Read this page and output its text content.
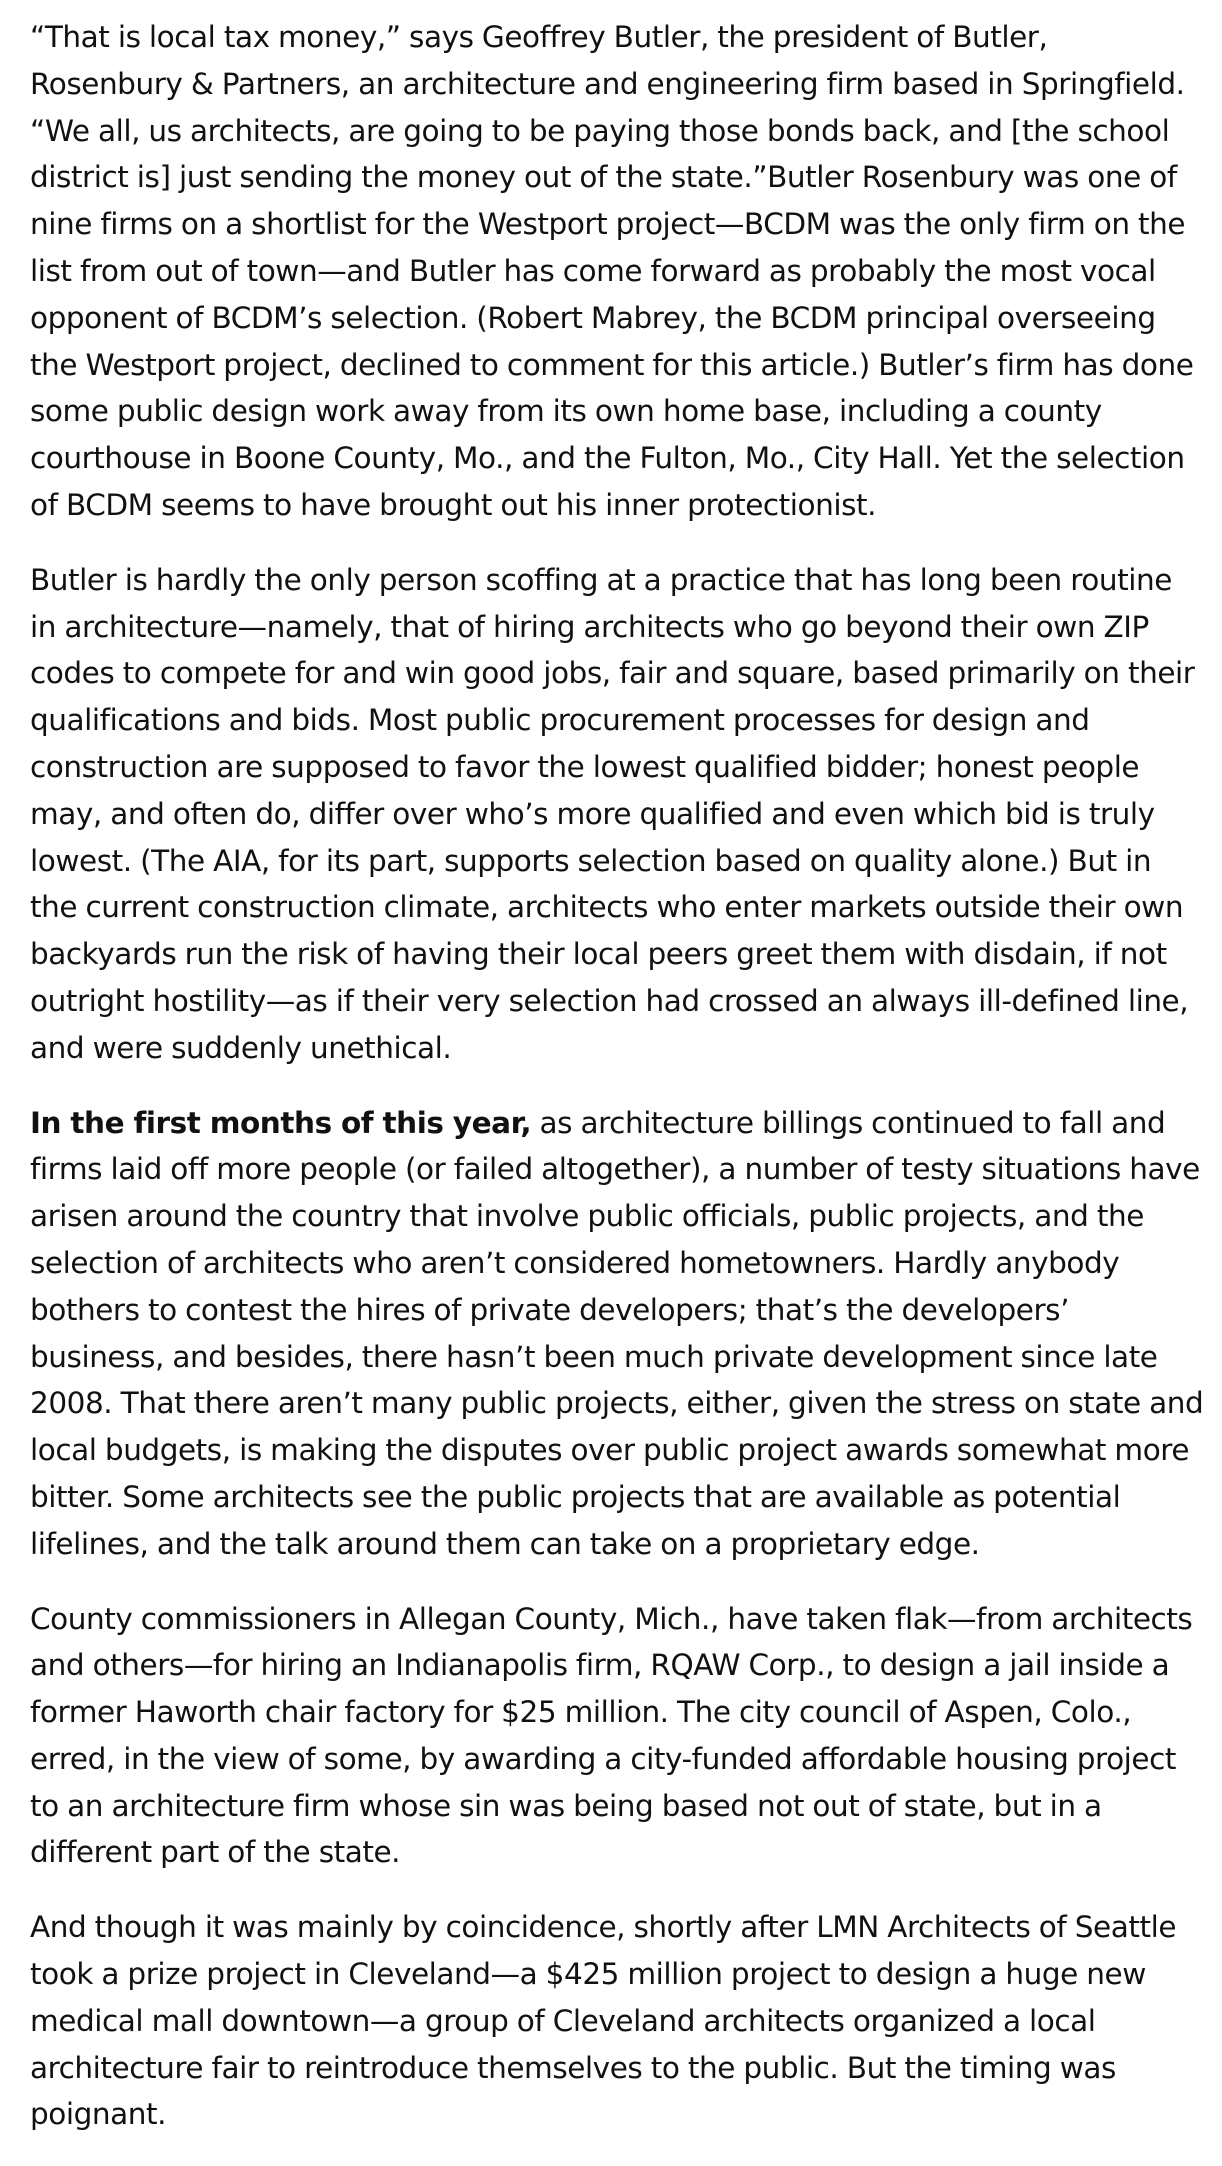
“That is local tax money,” says Geoffrey Butler, the president of Butler, Rosenbury & Partners, an architecture and engineering firm based in Springfield. “We all, us architects, are going to be paying those bonds back, and [the school district is] just sending the money out of the state.”Butler Rosenbury was one of nine firms on a shortlist for the Westport project—BCDM was the only firm on the list from out of town—and Butler has come forward as probably the most vocal opponent of BCDM’s selection. (Robert Mabrey, the BCDM principal overseeing the Westport project, declined to comment for this article.) Butler’s firm has done some public design work away from its own home base, including a county courthouse in Boone County, Mo., and the Fulton, Mo., City Hall. Yet the selection of BCDM seems to have brought out his inner protectionist.

Butler is hardly the only person scoffing at a practice that has long been routine in architecture—namely, that of hiring architects who go beyond their own ZIP codes to compete for and win good jobs, fair and square, based primarily on their qualifications and bids. Most public procurement processes for design and construction are supposed to favor the lowest qualified bidder; honest people may, and often do, differ over who’s more qualified and even which bid is truly lowest. (The AIA, for its part, supports selection based on quality alone.) But in the current construction climate, architects who enter markets outside their own backyards run the risk of having their local peers greet them with disdain, if not outright hostility—as if their very selection had crossed an always ill-defined line, and were suddenly unethical.

In the first months of this year, as architecture billings continued to fall and firms laid off more people (or failed altogether), a number of testy situations have arisen around the country that involve public officials, public projects, and the selection of architects who aren’t considered hometowners. Hardly anybody bothers to contest the hires of private developers; that’s the developers’ business, and besides, there hasn’t been much private development since late 2008. That there aren’t many public projects, either, given the stress on state and local budgets, is making the disputes over public project awards somewhat more bitter. Some architects see the public projects that are available as potential lifelines, and the talk around them can take on a proprietary edge.

County commissioners in Allegan County, Mich., have taken flak—from architects and others—for hiring an Indianapolis firm, RQAW Corp., to design a jail inside a former Haworth chair factory for $25 million. The city council of Aspen, Colo., erred, in the view of some, by awarding a city-funded affordable housing project to an architecture firm whose sin was being based not out of state, but in a different part of the state.

And though it was mainly by coincidence, shortly after LMN Architects of Seattle took a prize project in Cleveland—a $425 million project to design a huge new medical mall downtown—a group of Cleveland architects organized a local architecture fair to reintroduce themselves to the public. But the timing was poignant.
